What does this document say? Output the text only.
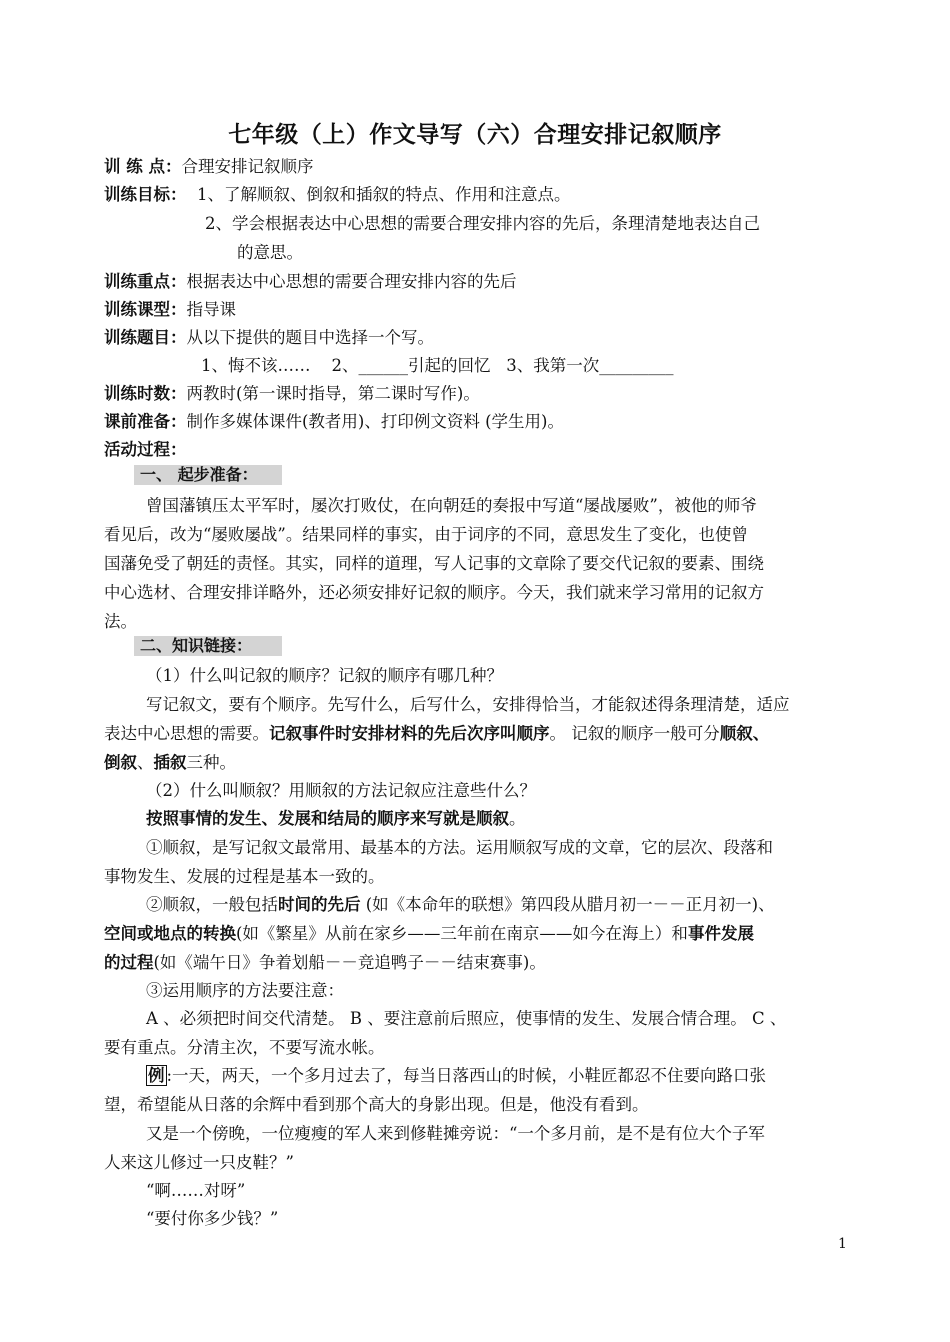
七年级（上）作文导写（六）合理安排记叙顺序
训 练 点：合理安排记叙顺序
训练目标： 1、了解顺叙、倒叙和插叙的特点、作用和注意点。
2、学会根据表达中心思想的需要合理安排内容的先后，条理清楚地表达自己
的意思。
训练重点：根据表达中心思想的需要合理安排内容的先后
训练课型：指导课
训练题目：从以下提供的题目中选择一个写。
1、悔不该……    2、______引起的回忆   3、我第一次_________
训练时数：两教时(第一课时指导，第二课时写作)。
课前准备：制作多媒体课件(教者用)、打印例文资料 (学生用)。
活动过程：
一、 起步准备：
曾国藩镇压太平军时，屡次打败仗，在向朝廷的奏报中写道“屡战屡败”，被他的师爷
看见后，改为“屡败屡战”。结果同样的事实，由于词序的不同，意思发生了变化，也使曾
国藩免受了朝廷的责怪。其实，同样的道理，写人记事的文章除了要交代记叙的要素、围绕
中心选材、合理安排详略外，还必须安排好记叙的顺序。今天，我们就来学习常用的记叙方
法。
二、知识链接：
（1）什么叫记叙的顺序？记叙的顺序有哪几种？
写记叙文，要有个顺序。先写什么，后写什么，安排得恰当，才能叙述得条理清楚，适应
表达中心思想的需要。记叙事件时安排材料的先后次序叫顺序。 记叙的顺序一般可分顺叙、
倒叙、插叙三种。
（2）什么叫顺叙？用顺叙的方法记叙应注意些什么？
按照事情的发生、发展和结局的顺序来写就是顺叙。
①顺叙，是写记叙文最常用、最基本的方法。运用顺叙写成的文章，它的层次、段落和
事物发生、发展的过程是基本一致的。
②顺叙，一般包括时间的先后 (如《本命年的联想》第四段从腊月初一－－正月初一)、
空间或地点的转换(如《繁星》从前在家乡——三年前在南京——如今在海上）和事件发展
的过程(如《端午日》争着划船－－竞追鸭子－－结束赛事)。
③运用顺序的方法要注意：
A 、必须把时间交代清楚。 B 、要注意前后照应，使事情的发生、发展合情合理。 C 、
要有重点。分清主次，不要写流水帐。
例 :一天，两天，一个多月过去了，每当日落西山的时候，小鞋匠都忍不住要向路口张
望，希望能从日落的余辉中看到那个高大的身影出现。但是，他没有看到。
又是一个傍晚，一位瘦瘦的军人来到修鞋摊旁说：“一个多月前，是不是有位大个子军
人来这儿修过一只皮鞋？”
“啊……对呀”
“要付你多少钱？”
1
